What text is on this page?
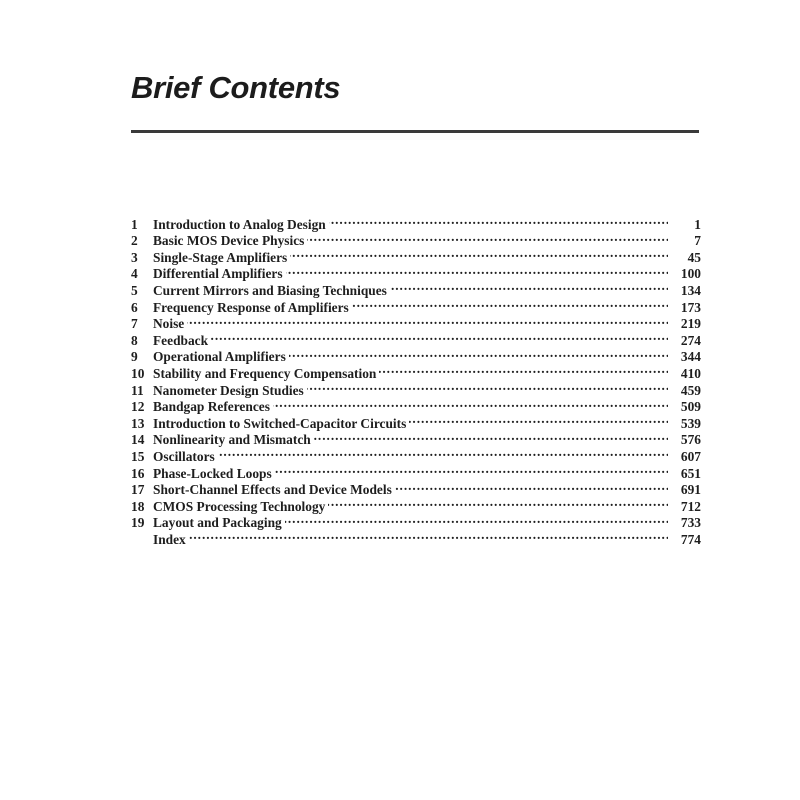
Brief Contents
1	Introduction to Analog Design . . .	1
2	Basic MOS Device Physics . . .	7
3	Single-Stage Amplifiers . . .	45
4	Differential Amplifiers . . .	100
5	Current Mirrors and Biasing Techniques . . .	134
6	Frequency Response of Amplifiers . . .	173
7	Noise . . .	219
8	Feedback . . .	274
9	Operational Amplifiers . . .	344
10 Stability and Frequency Compensation . . .	410
11 Nanometer Design Studies . . .	459
12 Bandgap References . . .	509
13 Introduction to Switched-Capacitor Circuits . . .	539
14 Nonlinearity and Mismatch . . .	576
15 Oscillators . . .	607
16 Phase-Locked Loops . . .	651
17 Short-Channel Effects and Device Models . . .	691
18 CMOS Processing Technology . . .	712
19 Layout and Packaging . . .	733
Index . . .	774
